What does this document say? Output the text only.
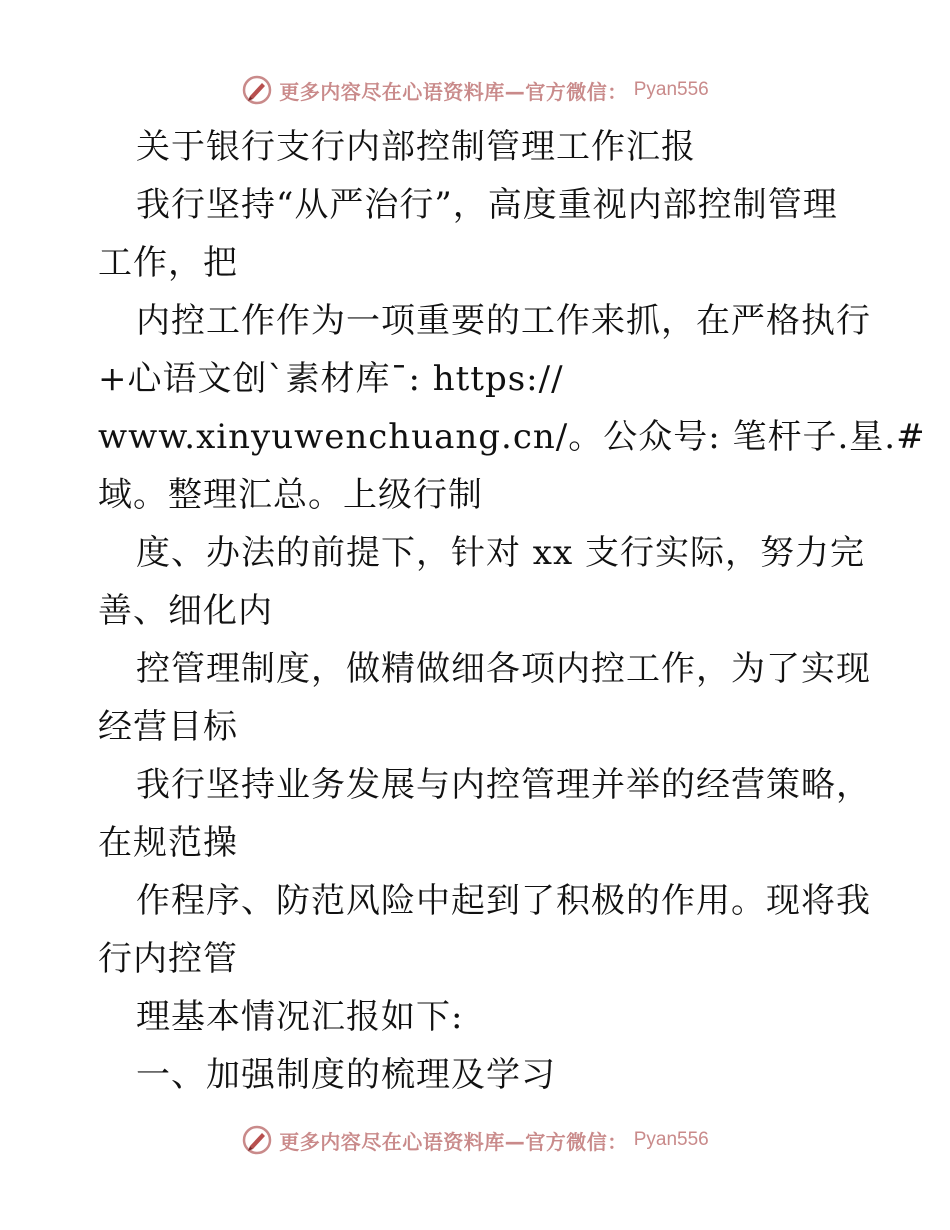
更多内容尽在心语资料库—官方微信： Pyan556
关于银行支行内部控制管理工作汇报
我行坚持“从严治行”，高度重视内部控制管理
工作，把
内控工作作为一项重要的工作来抓，在严格执行
+心语文创`素材库¯: https://
www.xinyuwenchuang.cn/。公众号: 笔杆子.星.#
域。整理汇总。上级行制
度、办法的前提下，针对 xx 支行实际，努力完
善、细化内
控管理制度，做精做细各项内控工作，为了实现
经营目标
我行坚持业务发展与内控管理并举的经营策略，
在规范操
作程序、防范风险中起到了积极的作用。现将我
行内控管
理基本情况汇报如下:
一、加强制度的梳理及学习
更多内容尽在心语资料库—官方微信： Pyan556
